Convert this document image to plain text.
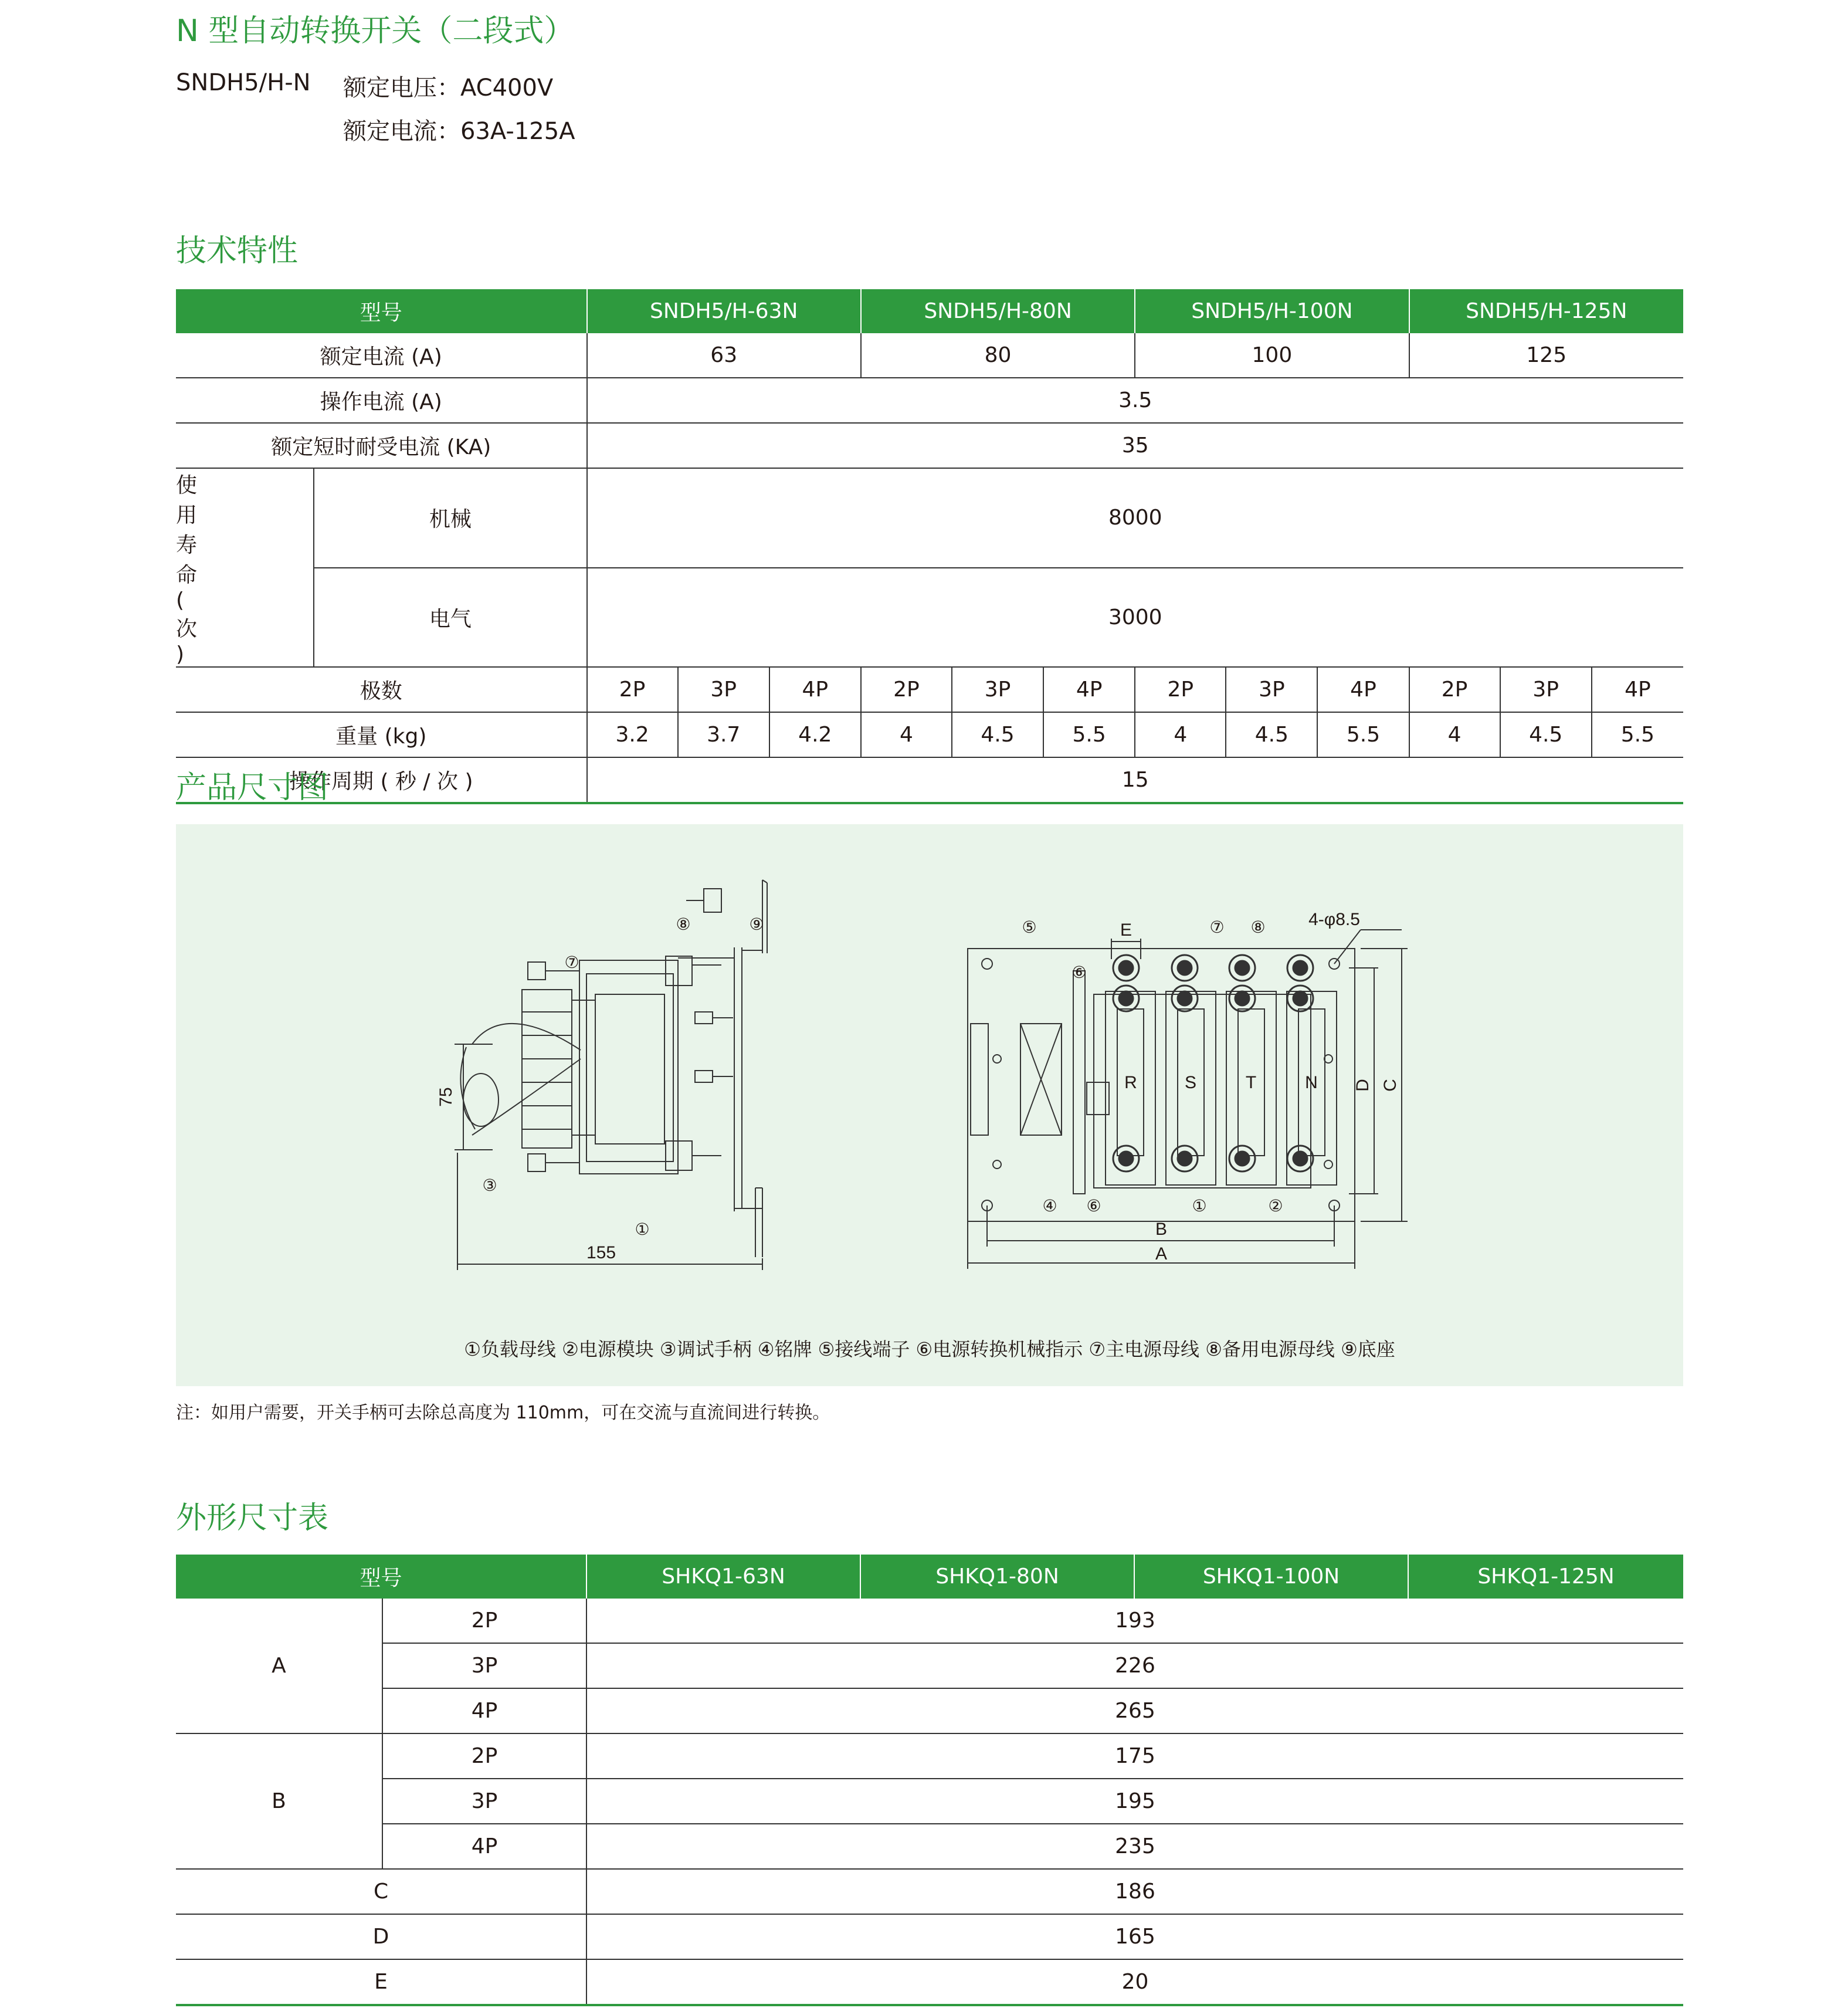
N 型自动转换开关（二段式）
SNDH5/H-N 额定电压：AC400V
额定电流：63A-125A
技术特性
型号		SNDH5/H-63N			SNDH5/H-80N			SNDH5/H-100N			SNDH5/H-125N		
额定电流 (A)		63			80			100			125		
操作电流 (A)		3.5											
额定短时耐受电流 (KA)		35											
使用寿命 ( 次 )	机械	8000											
	电气	3000											
极数		2P	3P	4P	2P	3P	4P	2P	3P	4P	2P	3P	4P
重量 (kg)		3.2	3.7	4.2	4	4.5	5.5	4	4.5	5.5	4	4.5	5.5
操作周期 ( 秒 / 次 )		15											
产品尺寸图
⑦
⑧	⑨
③
①
⑤
⑥
⑦ ⑧
④ ⑥	①	②
75
155
E
4-φ8.5
B
A
C
D
R	S	T	N
①负载母线 ②电源模块 ③调试手柄 ④铭牌 ⑤接线端子 ⑥电源转换机械指示 ⑦主电源母线 ⑧备用电源母线 ⑨底座
注：如用户需要，开关手柄可去除总高度为 110mm，可在交流与直流间进行转换。
外形尺寸表
型号		SHKQ1-63N	SHKQ1-80N	SHKQ1-100N	SHKQ1-125N
A	2P	193			
	3P	226			
	4P	265			
B	2P	175			
	3P	195			
	4P	235			
C		186			
D		165			
E		20			
